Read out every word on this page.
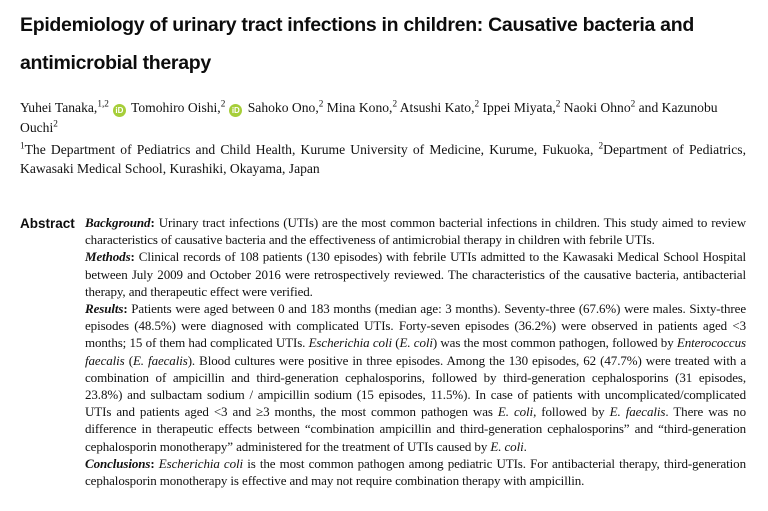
Epidemiology of urinary tract infections in children: Causative bacteria and antimicrobial therapy
Yuhei Tanaka,$^{1,2}$iD Tomohiro Oishi,$^2$iD Sahoko Ono,$^2$ Mina Kono,$^2$ Atsushi Kato,$^2$ Ippei Miyata,$^2$ Naoki Ohno$^2$ and Kazunobu Ouchi$^2$
$^1$The Department of Pediatrics and Child Health, Kurume University of Medicine, Kurume, Fukuoka, $^2$Department of Pediatrics, Kawasaki Medical School, Kurashiki, Okayama, Japan
Abstract Background: Urinary tract infections (UTIs) are the most common bacterial infections in children. This study aimed to review characteristics of causative bacteria and the effectiveness of antimicrobial therapy in children with febrile UTIs.

Methods: Clinical records of 108 patients (130 episodes) with febrile UTIs admitted to the Kawasaki Medical School Hospital between July 2009 and October 2016 were retrospectively reviewed. The characteristics of the causative bacteria, antibacterial therapy, and therapeutic effect were verified.

Results: Patients were aged between 0 and 183 months (median age: 3 months). Seventy-three (67.6%) were males. Sixty-three episodes (48.5%) were diagnosed with complicated UTIs. Forty-seven episodes (36.2%) were observed in patients aged <3 months; 15 of them had complicated UTIs. Escherichia coli (E. coli) was the most common pathogen, followed by Enterococcus faecalis (E. faecalis). Blood cultures were positive in three episodes. Among the 130 episodes, 62 (47.7%) were treated with a combination of ampicillin and third-generation cephalosporins, followed by third-generation cephalosporins (31 episodes, 23.8%) and sulbactam sodium / ampicillin sodium (15 episodes, 11.5%). In case of patients with uncomplicated/complicated UTIs and patients aged <3 and ≥3 months, the most common pathogen was E. coli, followed by E. faecalis. There was no difference in therapeutic effects between “combination ampicillin and third-generation cephalosporins” and “third-generation cephalosporin monotherapy” administered for the treatment of UTIs caused by E. coli.

Conclusions: Escherichia coli is the most common pathogen among pediatric UTIs. For antibacterial therapy, third-generation cephalosporin monotherapy is effective and may not require combination therapy with ampicillin.
